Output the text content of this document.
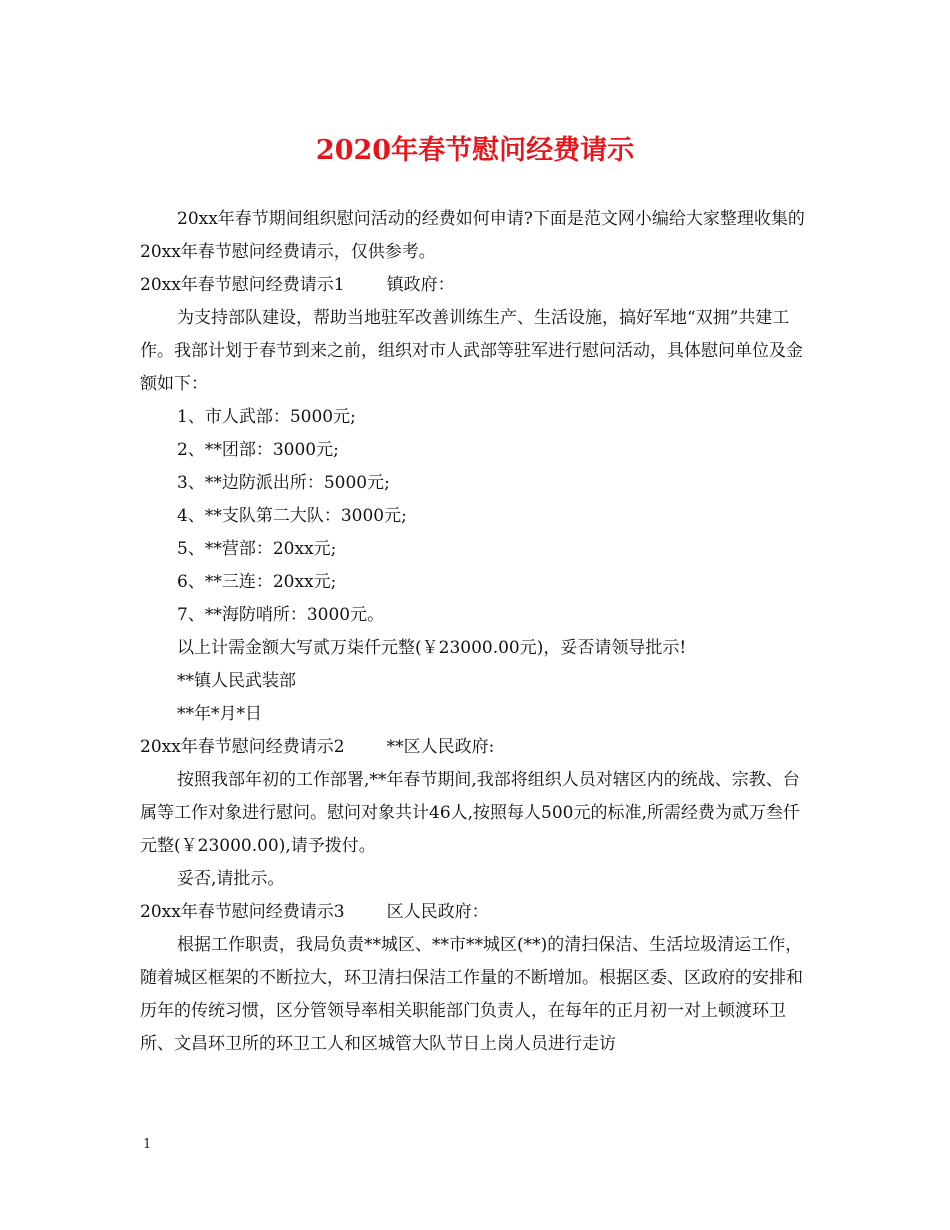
2020年春节慰问经费请示

20xx年春节期间组织慰问活动的经费如何申请?下面是范文网小编给大家整理收集的20xx年春节慰问经费请示，仅供参考。

20xx年春节慰问经费请示1 镇政府：

为支持部队建设，帮助当地驻军改善训练生产、生活设施，搞好军地“双拥”共建工作。我部计划于春节到来之前，组织对市人武部等驻军进行慰问活动，具体慰问单位及金额如下：

1、市人武部：5000元;

2、**团部：3000元;

3、**边防派出所：5000元;

4、**支队第二大队：3000元;

5、**营部：20xx元;

6、**三连：20xx元;

7、**海防哨所：3000元。

以上计需金额大写贰万柒仟元整(￥23000.00元)，妥否请领导批示!

**镇人民武装部

**年*月*日

20xx年春节慰问经费请示2 **区人民政府:

按照我部年初的工作部署,**年春节期间,我部将组织人员对辖区内的统战、宗教、台属等工作对象进行慰问。慰问对象共计46人,按照每人500元的标准,所需经费为贰万叁仟元整(￥23000.00),请予拨付。

妥否,请批示。

20xx年春节慰问经费请示3 区人民政府：

根据工作职责，我局负责**城区、**市**城区(**)的清扫保洁、生活垃圾清运工作，随着城区框架的不断拉大，环卫清扫保洁工作量的不断增加。根据区委、区政府的安排和历年的传统习惯，区分管领导率相关职能部门负责人，在每年的正月初一对上顿渡环卫所、文昌环卫所的环卫工人和区城管大队节日上岗人员进行走访

1
